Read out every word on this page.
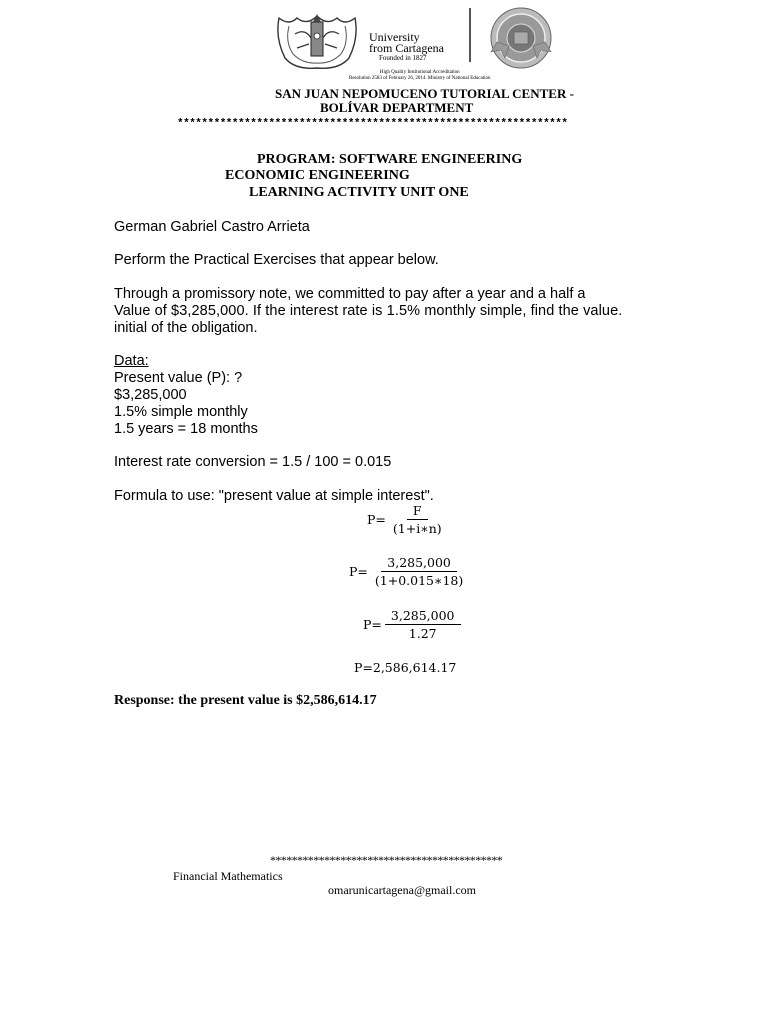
University
from Cartagena
Founded in 1827
High Quality Institutional Accreditation
Resolution 2583 of February 26, 2014. Ministry of National Education
SAN JUAN NEPOMUCENO TUTORIAL CENTER -
BOLÍVAR DEPARTMENT
****************************************************************
PROGRAM: SOFTWARE ENGINEERING
ECONOMIC ENGINEERING
LEARNING ACTIVITY UNIT ONE
German Gabriel Castro Arrieta
Perform the Practical Exercises that appear below.
Through a promissory note, we committed to pay after a year and a half a
Value of $3,285,000. If the interest rate is 1.5% monthly simple, find the value.
initial of the obligation.
Data:
Present value (P): ?
$3,285,000
1.5% simple monthly
1.5 years = 18 months
Interest rate conversion = 1.5 / 100 = 0.015
Formula to use: "present value at simple interest".
$P= \frac{F}{(1+i∗n)}$
$P= \frac{3,285,000}{(1+0.015∗18)}$
$P= \frac{3,285,000}{1.27}$
P=2,586,614.17
Response: the present value is $2,586,614.17
*******************************************
Financial Mathematics
omarunicartagena@gmail.com
